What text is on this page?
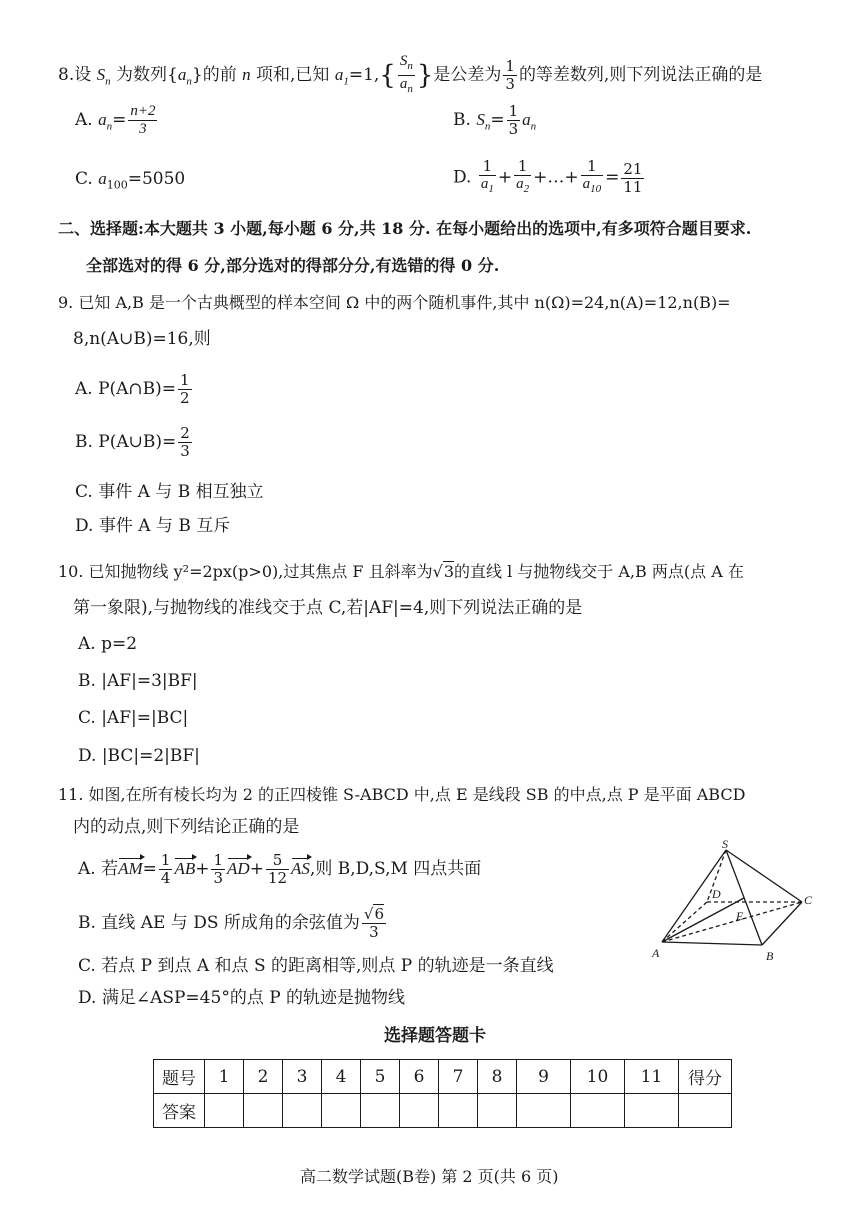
8.设 $S_n$ 为数列$\{a_n\}$的前 n 项和,已知 $a_1=1,\{ \frac{S_n}{a_n}$ }是公差为 $\frac{1}{3}$ 的等差数列,则下列说法正确的是
A. $a_n= \frac{n+2}{3}$	B. $S_n= \frac{1}{3} a_n$
C. $a_{100}=5050$	D. $\frac{1}{a_1} + \frac{1}{a_2}$ +…+ $\frac{1}{a_{10}} = \frac{21}{11}$
二、选择题:本大题共 3 小题,每小题 6 分,共 18 分. 在每小题给出的选项中,有多项符合题目要求.
全部选对的得 6 分,部分选对的得部分分,有选错的得 0 分.
9. 已知 A,B 是一个古典概型的样本空间 Ω 中的两个随机事件,其中 n(Ω)=24,n(A)=12,n(B)=
8,n(A∪B)=16,则
A. P(A∩B)= $\frac{1}{2}$
B. P(A∪B)= $\frac{2}{3}$
C. 事件 A 与 B 相互独立
D. 事件 A 与 B 互斥
10. 已知抛物线 y²=2px(p>0),过其焦点 F 且斜率为√3的直线 l 与抛物线交于 A,B 两点(点 A 在
第一象限),与抛物线的准线交于点 C,若|AF|=4,则下列说法正确的是
A. p=2
B. |AF|=3|BF|
C. |AF|=|BC|
D. |BC|=2|BF|
11. 如图,在所有棱长均为 2 的正四棱锥 S-ABCD 中,点 E 是线段 SB 的中点,点 P 是平面 ABCD
内的动点,则下列结论正确的是
A. 若$AM= \frac{1}{4} AB+ \frac{1}{3} AD+ \frac{5}{12}$ AS,则 B,D,S,M 四点共面
B. 直线 AE 与 DS 所成角的余弦值为 $\frac{√6}{3}$
C. 若点 P 到点 A 和点 S 的距离相等,则点 P 的轨迹是一条直线
D. 满足∠ASP=45°的点 P 的轨迹是抛物线
S
D	C
E
A	B
选择题答题卡
题号	1	2	3	4	5	6	7	8	9	10	11	得分
答案												
高二数学试题(B卷) 第 2 页(共 6 页)
